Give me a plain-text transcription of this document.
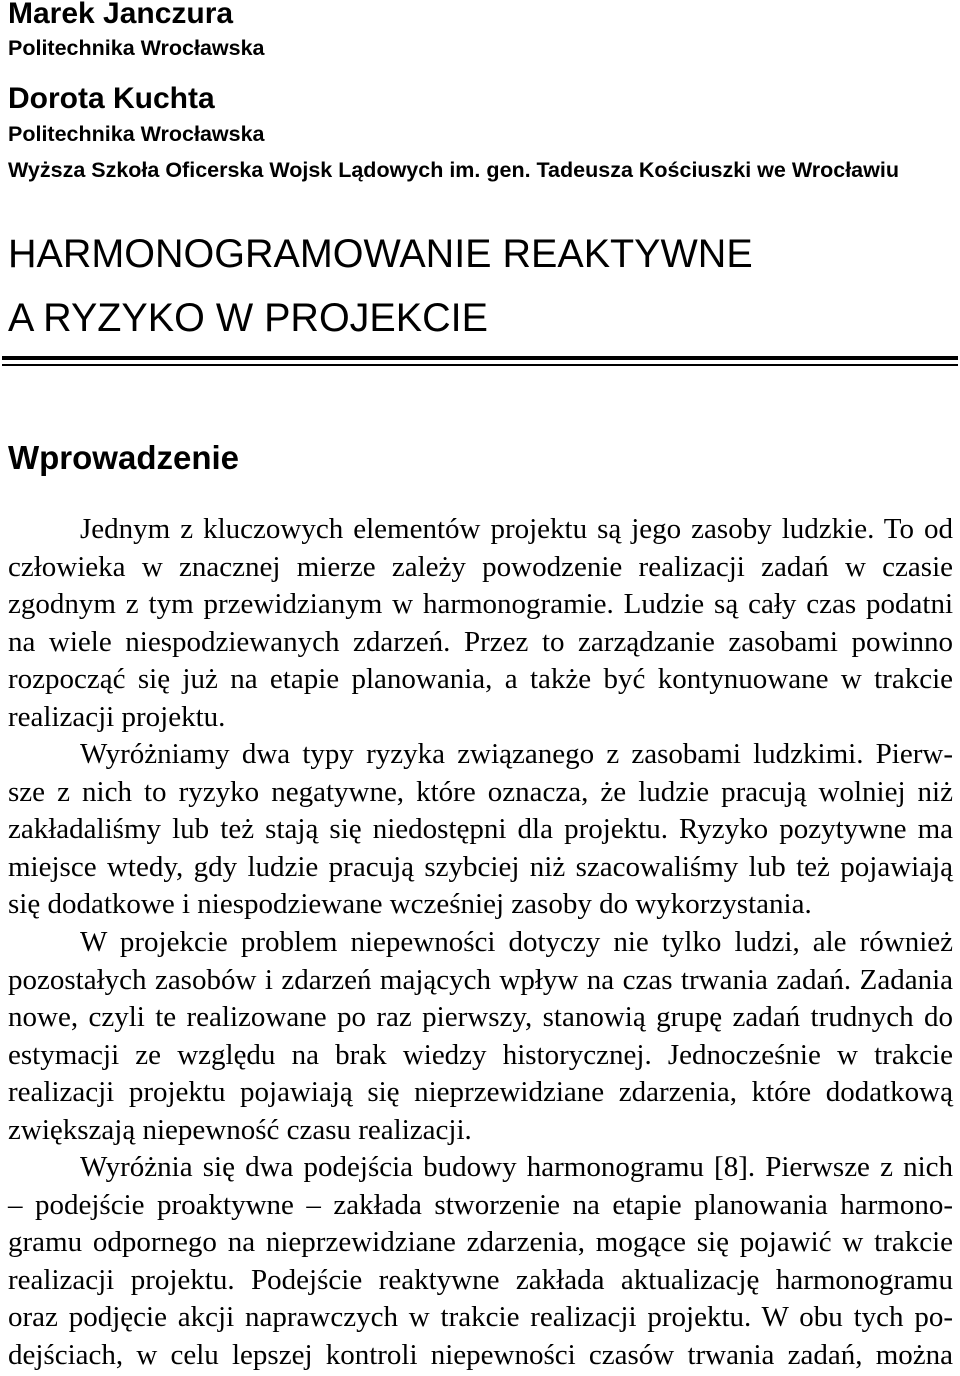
Marek Janczura
Politechnika Wrocławska
Dorota Kuchta
Politechnika Wrocławska
Wyższa Szkoła Oficerska Wojsk Lądowych im. gen. Tadeusza Kościuszki we Wrocławiu
HARMONOGRAMOWANIE REAKTYWNE
A RYZYKO W PROJEKCIE
Wprowadzenie
Jednym z kluczowych elementów projektu są jego zasoby ludzkie. To od
człowieka w znacznej mierze zależy powodzenie realizacji zadań w czasie
zgodnym z tym przewidzianym w harmonogramie. Ludzie są cały czas podatni
na wiele niespodziewanych zdarzeń. Przez to zarządzanie zasobami powinno
rozpocząć się już na etapie planowania, a także być kontynuowane w trakcie
realizacji projektu.
Wyróżniamy dwa typy ryzyka związanego z zasobami ludzkimi. Pierw-
sze z nich to ryzyko negatywne, które oznacza, że ludzie pracują wolniej niż
zakładaliśmy lub też stają się niedostępni dla projektu. Ryzyko pozytywne ma
miejsce wtedy, gdy ludzie pracują szybciej niż szacowaliśmy lub też pojawiają
się dodatkowe i niespodziewane wcześniej zasoby do wykorzystania.
W projekcie problem niepewności dotyczy nie tylko ludzi, ale również
pozostałych zasobów i zdarzeń mających wpływ na czas trwania zadań. Zadania
nowe, czyli te realizowane po raz pierwszy, stanowią grupę zadań trudnych do
estymacji ze względu na brak wiedzy historycznej. Jednocześnie w trakcie
realizacji projektu pojawiają się nieprzewidziane zdarzenia, które dodatkową
zwiększają niepewność czasu realizacji.
Wyróżnia się dwa podejścia budowy harmonogramu [8]. Pierwsze z nich
– podejście proaktywne – zakłada stworzenie na etapie planowania harmono-
gramu odpornego na nieprzewidziane zdarzenia, mogące się pojawić w trakcie
realizacji projektu. Podejście reaktywne zakłada aktualizację harmonogramu
oraz podjęcie akcji naprawczych w trakcie realizacji projektu. W obu tych po-
dejściach, w celu lepszej kontroli niepewności czasów trwania zadań, można
